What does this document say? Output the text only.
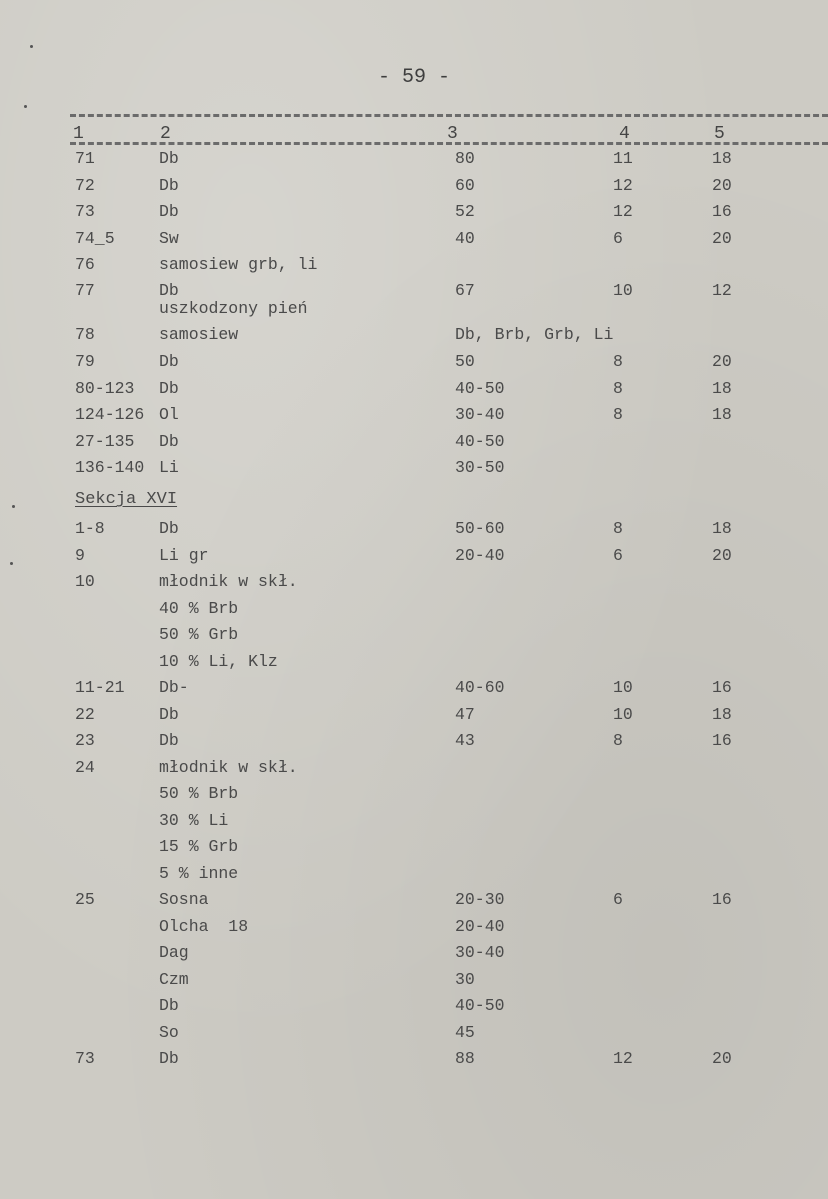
- 59 -
1	2	3	4	5
71	Db	80	11	18
72	Db	60	12	20
73	Db	52	12	16
74_5	Sw	40	6	20
76	samosiew grb, li
77	Db	67	10	12
uszkodzony pień
78	samosiew	Db, Brb, Grb, Li
79	Db	50	8	20
80-123 Db	40-50	8	18
124-126 Ol	30-40	8	18
27-135 Db	40-50
136-140 Li	30-50
Sekcja XVI
1-8	Db	50-60	8	18
9	Li gr	20-40	6	20
10	młodnik w skł.
40 % Brb
50 % Grb
10 % Li, Klz
11-21 Db-	40-60	10	16
22	Db	47	10	18
23	Db	43	8	16
24	młodnik w skł.
50 % Brb
30 % Li
15 % Grb
5 % inne
25	Sosna	20-30	6	16
Olcha  18	20-40
Dag	30-40
Czm	30
Db	40-50
So	45
73	Db	88	12	20
